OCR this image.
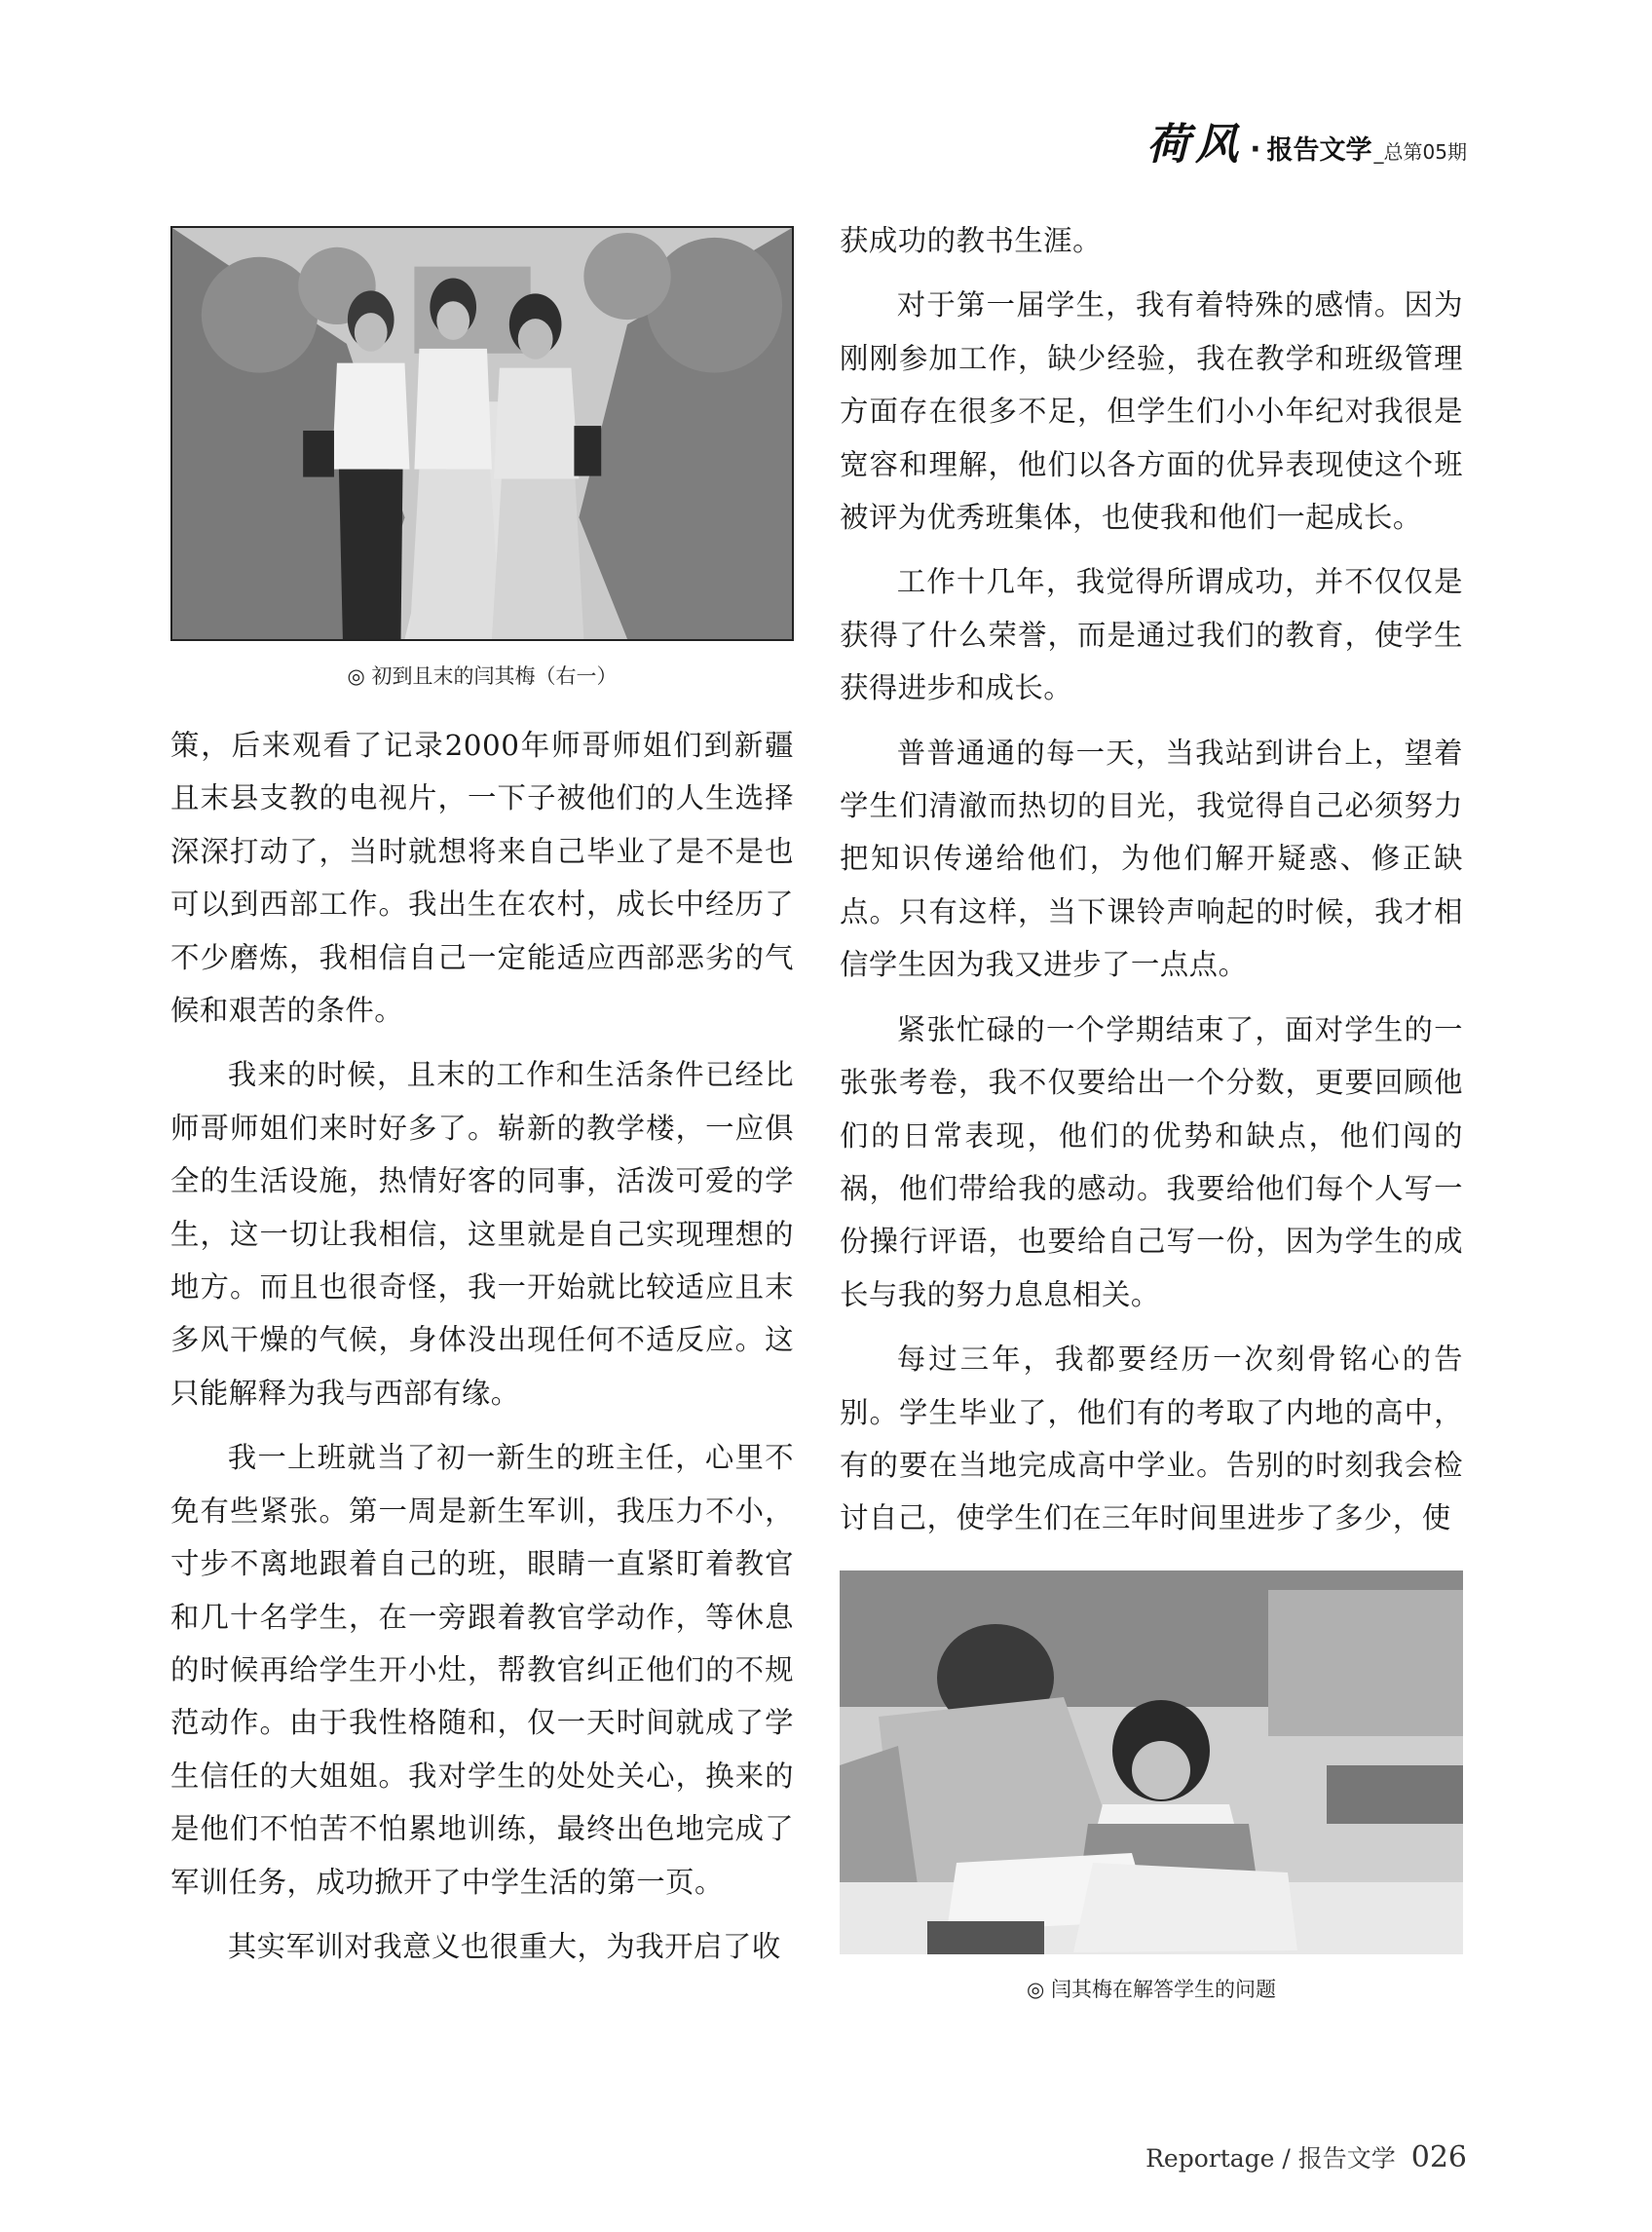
荷风 · 报告文学 _总第05期
◎ 初到且末的闫其梅（右一）

策，后来观看了记录2000年师哥师姐们到新疆且末县支教的电视片，一下子被他们的人生选择深深打动了，当时就想将来自己毕业了是不是也可以到西部工作。我出生在农村，成长中经历了不少磨炼，我相信自己一定能适应西部恶劣的气候和艰苦的条件。

我来的时候，且末的工作和生活条件已经比师哥师姐们来时好多了。崭新的教学楼，一应俱全的生活设施，热情好客的同事，活泼可爱的学生，这一切让我相信，这里就是自己实现理想的地方。而且也很奇怪，我一开始就比较适应且末多风干燥的气候，身体没出现任何不适反应。这只能解释为我与西部有缘。

我一上班就当了初一新生的班主任，心里不免有些紧张。第一周是新生军训，我压力不小，寸步不离地跟着自己的班，眼睛一直紧盯着教官和几十名学生，在一旁跟着教官学动作，等休息的时候再给学生开小灶，帮教官纠正他们的不规范动作。由于我性格随和，仅一天时间就成了学生信任的大姐姐。我对学生的处处关心，换来的是他们不怕苦不怕累地训练，最终出色地完成了军训任务，成功掀开了中学生活的第一页。

其实军训对我意义也很重大，为我开启了收

获成功的教书生涯。

对于第一届学生，我有着特殊的感情。因为刚刚参加工作，缺少经验，我在教学和班级管理方面存在很多不足，但学生们小小年纪对我很是宽容和理解，他们以各方面的优异表现使这个班被评为优秀班集体，也使我和他们一起成长。

工作十几年，我觉得所谓成功，并不仅仅是获得了什么荣誉，而是通过我们的教育，使学生获得进步和成长。

普普通通的每一天，当我站到讲台上，望着学生们清澈而热切的目光，我觉得自己必须努力把知识传递给他们，为他们解开疑惑、修正缺点。只有这样，当下课铃声响起的时候，我才相信学生因为我又进步了一点点。

紧张忙碌的一个学期结束了，面对学生的一张张考卷，我不仅要给出一个分数，更要回顾他们的日常表现，他们的优势和缺点，他们闯的祸，他们带给我的感动。我要给他们每个人写一份操行评语，也要给自己写一份，因为学生的成长与我的努力息息相关。

每过三年，我都要经历一次刻骨铭心的告别。学生毕业了，他们有的考取了内地的高中，有的要在当地完成高中学业。告别的时刻我会检讨自己，使学生们在三年时间里进步了多少，使

◎ 闫其梅在解答学生的问题
Reportage / 报告文学 026
